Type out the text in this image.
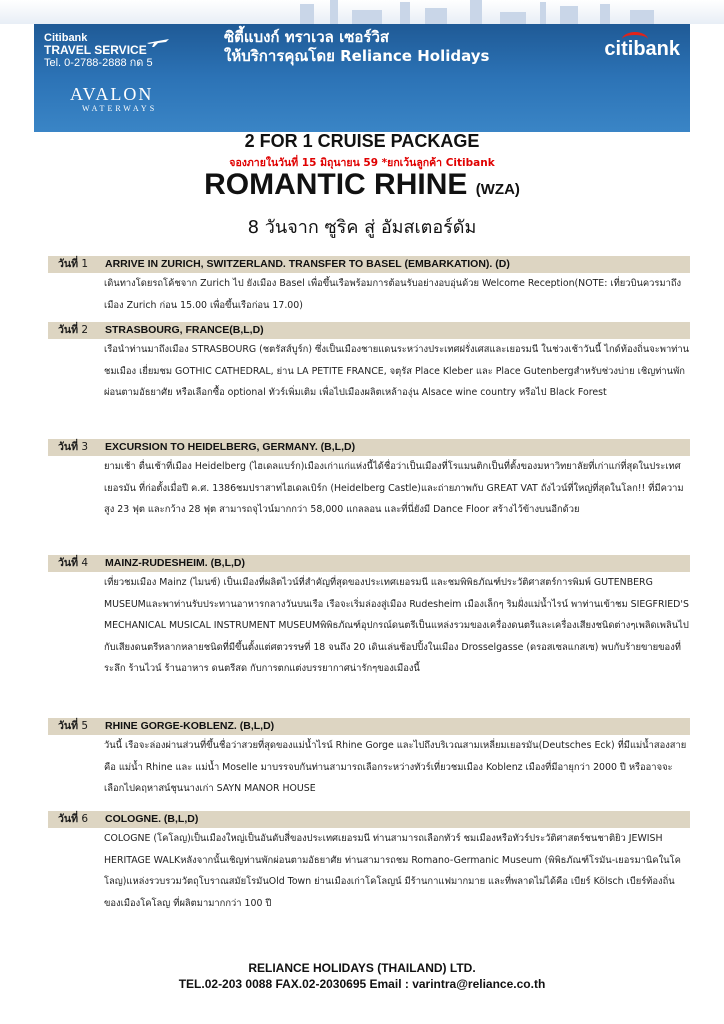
Citibank
TRAVEL SERVICE
Tel. 0-2788-2888 กด 5
ซิตี้แบงก์ ทราเวล เซอร์วิส
ให้บริการคุณโดย Reliance Holidays	citibank
AVALON
WATERWAYS
2 FOR 1 CRUISE PACKAGE
จองภายในวันที่ 15 มิถุนายน 59 *ยกเว้นลูกค้า Citibank
ROMANTIC RHINE (WZA)
8 วันจาก ซูริค สู่ อัมสเตอร์ดัม
วันที่ 1 ARRIVE IN ZURICH, SWITZERLAND. TRANSFER TO BASEL (EMBARKATION). (D)
เดินทางโดยรถโค้ชจาก Zurich ไป ยังเมือง Basel เพื่อขึ้นเรือพร้อมการต้อนรับอย่างอบอุ่นด้วย Welcome Reception(NOTE: เที่ยวบินควรมาถึงเมือง Zurich ก่อน 15.00 เพื่อขึ้นเรือก่อน 17.00)
วันที่ 2 STRASBOURG, FRANCE(B,L,D)
เรือนำท่านมาถึงเมือง STRASBOURG (ชตรัสส์บูร์ก) ซึ่งเป็นเมืองชายแดนระหว่างประเทศฝรั่งเศสและเยอรมนี ในช่วงเช้าวันนี้ ไกด์ท้องถิ่นจะพาท่านชมเมือง เยี่ยมชม GOTHIC CATHEDRAL, ย่าน LA PETITE FRANCE, จตุรัส Place Kleber และ Place Gutenbergสำหรับช่วงบ่าย เชิญท่านพักผ่อนตามอัธยาศัย หรือเลือกซื้อ optional ทัวร์เพิ่มเติม เพื่อไปเมืองผลิตเหล้าองุ่น Alsace wine country หรือไป Black Forest
วันที่ 3 EXCURSION TO HEIDELBERG, GERMANY. (B,L,D)
ยามเช้า ตื่นเช้าที่เมือง Heidelberg (ไฮเดลแบร์ก)เมืองเก่าแก่แห่งนี้ได้ชื่อว่าเป็นเมืองที่โรแมนติกเป็นที่ตั้งของมหาวิทยาลัยที่เก่าแก่ที่สุดในประเทศเยอรมัน ที่ก่อตั้งเมื่อปี ค.ศ. 1386ชมปราสาทไฮเดลเบิร์ก (Heidelberg Castle)และถ่ายภาพกับ GREAT VAT ถังไวน์ที่ใหญ่ที่สุดในโลก!! ที่มีความสูง 23 ฟุต และกว้าง 28 ฟุต สามารถจุไวน์มากกว่า 58,000 แกลลอน และที่นี่ยังมี Dance Floor สร้างไว้ข้างบนอีกด้วย
วันที่ 4 MAINZ-RUDESHEIM. (B,L,D)
เที่ยวชมเมือง Mainz (ไมนซ์) เป็นเมืองที่ผลิตไวน์ที่สำคัญที่สุดของประเทศเยอรมนี และชมพิพิธภัณฑ์ประวัติศาสตร์การพิมพ์ GUTENBERG MUSEUMและพาท่านรับประทานอาหารกลางวันบนเรือ เรือจะเริ่มล่องสู่เมือง Rudesheim เมืองเล็กๆ ริมฝั่งแม่น้ำไรน์ พาท่านเข้าชม SIEGFRIED'S MECHANICAL MUSICAL INSTRUMENT MUSEUMพิพิธภัณฑ์อุปกรณ์ดนตรีเป็นแหล่งรวมของเครื่องดนตรีและเครื่องเสียงชนิดต่างๆเพลิดเพลินไปกับเสียงดนตรีหลากหลายชนิดที่มีขึ้นตั้งแต่ศตวรรษที่ 18 จนถึง 20 เดินเล่นช้อปปิ้งในเมือง Drosselgasse (ดรอสเซลแกสเซ) พบกับร้ายขายของที่ระลึก ร้านไวน์ ร้านอาหาร ดนตรีสด กับการตกแต่งบรรยากาศน่ารักๆของเมืองนี้
วันที่ 5 RHINE GORGE-KOBLENZ. (B,L,D)
วันนี้ เรือจะล่องผ่านส่วนที่ขึ้นชื่อว่าสวยที่สุดของแม่น้ำไรน์ Rhine Gorge และไปถึงบริเวณสามเหลี่ยมเยอรมัน(Deutsches Eck) ที่มีแม่น้ำสองสาย คือ แม่น้ำ Rhine และ แม่น้ำ Moselle มาบรรจบกันท่านสามารถเลือกระหว่างทัวร์เที่ยวชมเมือง Koblenz เมืองที่มีอายุกว่า 2000 ปี หรืออาจจะเลือกไปคฤหาสน์ชุนนางเก่า SAYN MANOR HOUSE
วันที่ 6 COLOGNE. (B,L,D)
COLOGNE (โคโลญ)เป็นเมืองใหญ่เป็นอันดับสี่ของประเทศเยอรมนี ท่านสามารถเลือกทัวร์ ชมเมืองหรือทัวร์ประวัติศาสตร์ชนชาติยิว JEWISH HERITAGE WALKหลังจากนั้นเชิญท่านพักผ่อนตามอัธยาศัย ท่านสามารถชม Romano-Germanic Museum (พิพิธภัณฑ์โรมัน-เยอรมานิคในโคโลญ)แหล่งรวบรวมวัตถุโบราณสมัยโรมันOld Town ย่านเมืองเก่าโคโลญน์ มีร้านกาแฟมากมาย และที่พลาดไม่ได้คือ เบียร์ Kölsch เบียร์ท้องถิ่นของเมืองโคโลญ ที่ผลิตมามากกว่า 100 ปี
RELIANCE HOLIDAYS (THAILAND) LTD.
TEL.02-203 0088 FAX.02-2030695 Email : varintra@reliance.co.th
